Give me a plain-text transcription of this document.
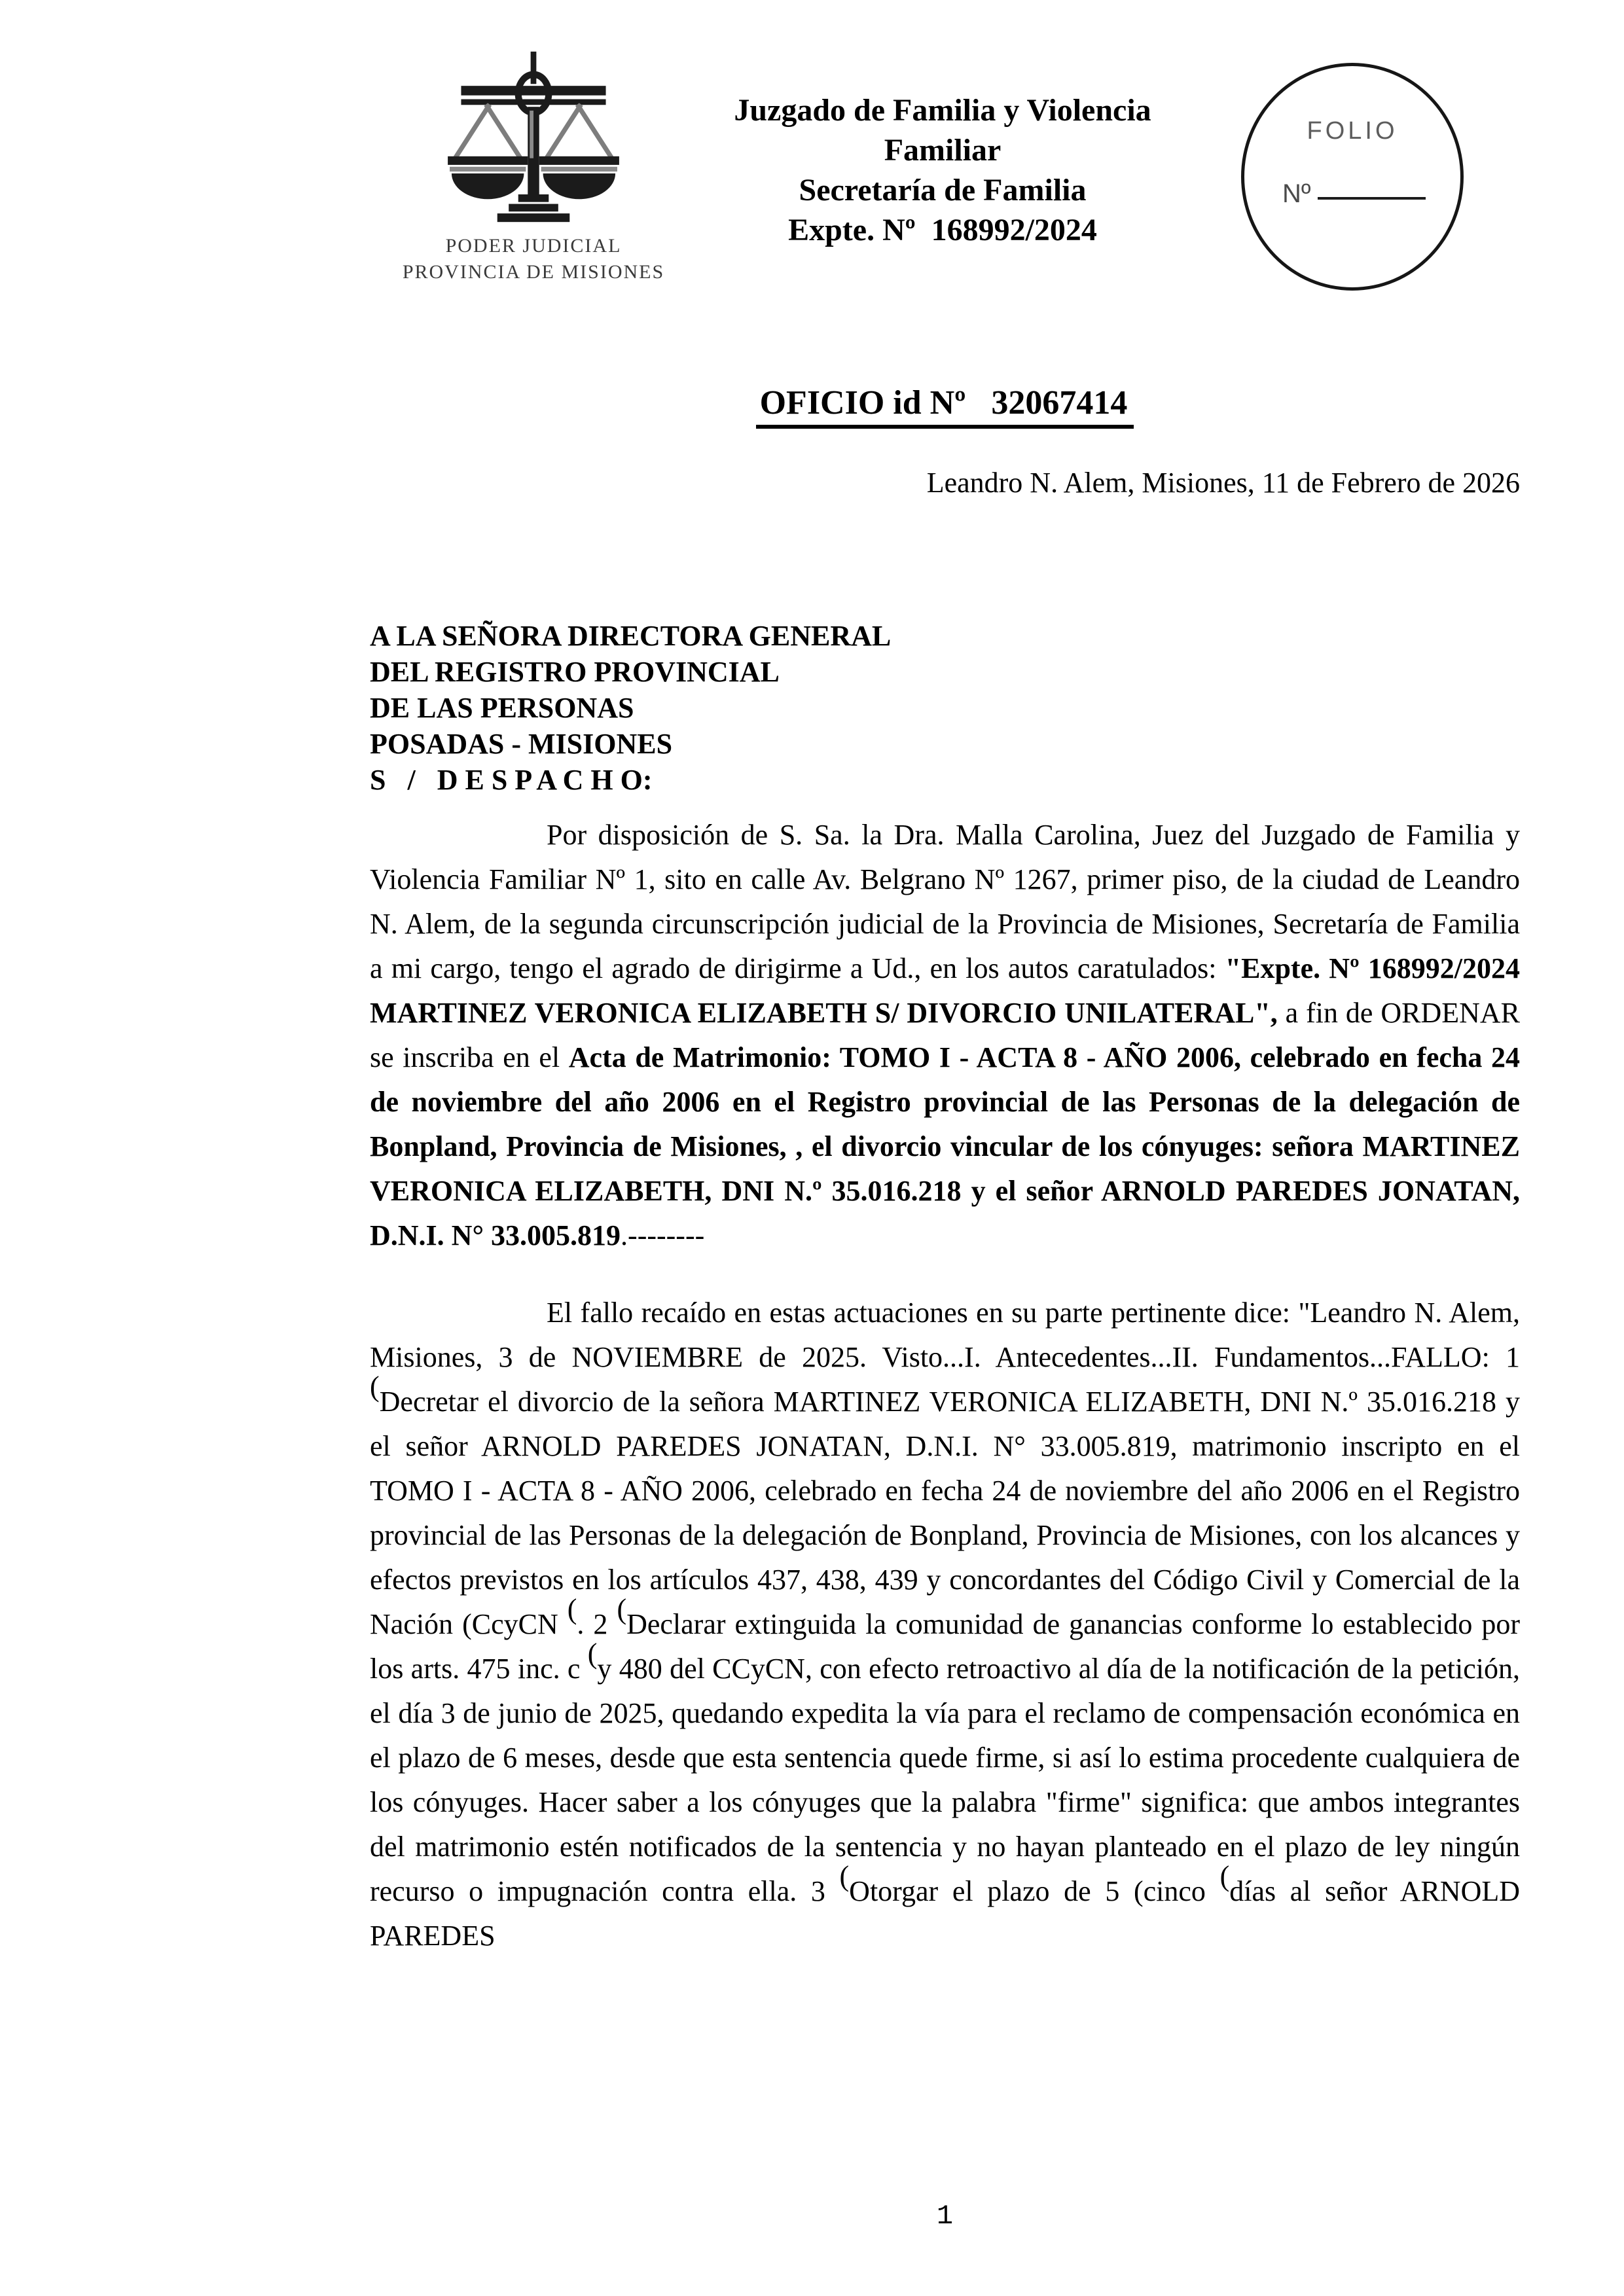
PODER JUDICIAL
PROVINCIA DE MISIONES
Juzgado de Familia y Violencia
Familiar
Secretaría de Familia
Expte. Nº  168992/2024
FOLIO
Nº
OFICIO id Nº   32067414
Leandro N. Alem, Misiones, 11 de Febrero de 2026
A LA SEÑORA DIRECTORA GENERAL
DEL REGISTRO PROVINCIAL
DE LAS PERSONAS
POSADAS - MISIONES
S   /   D E S P A C H O:

Por disposición de S. Sa. la Dra. Malla Carolina, Juez del Juzgado de Familia y Violencia Familiar Nº 1, sito en calle Av. Belgrano Nº 1267, primer piso, de la ciudad de Leandro N. Alem, de la segunda circunscripción judicial de la Provincia de Misiones, Secretaría de Familia a mi cargo, tengo el agrado de dirigirme a Ud., en los autos caratulados: "Expte. Nº 168992/2024 MARTINEZ VERONICA ELIZABETH S/ DIVORCIO UNILATERAL", a fin de ORDENAR se inscriba en el Acta de Matrimonio: TOMO I - ACTA 8 - AÑO 2006, celebrado en fecha 24 de noviembre del año 2006 en el Registro provincial de las Personas de la delegación de Bonpland, Provincia de Misiones, , el divorcio vincular de los cónyuges: señora MARTINEZ VERONICA ELIZABETH, DNI N.º 35.016.218 y el señor ARNOLD PAREDES JONATAN, D.N.I. N° 33.005.819.--------

El fallo recaído en estas actuaciones en su parte pertinente dice: "Leandro N. Alem, Misiones, 3 de NOVIEMBRE de 2025. Visto...I. Antecedentes...II. Fundamentos...FALLO: 1 (Decretar el divorcio de la señora MARTINEZ VERONICA ELIZABETH, DNI N.º 35.016.218 y el señor ARNOLD PAREDES JONATAN, D.N.I. N° 33.005.819, matrimonio inscripto en el TOMO I - ACTA 8 - AÑO 2006, celebrado en fecha 24 de noviembre del año 2006 en el Registro provincial de las Personas de la delegación de Bonpland, Provincia de Misiones, con los alcances y efectos previstos en los artículos 437, 438, 439 y concordantes del Código Civil y Comercial de la Nación (CcyCN (. 2 (Declarar extinguida la comunidad de ganancias conforme lo establecido por los arts. 475 inc. c (y 480 del CCyCN, con efecto retroactivo al día de la notificación de la petición, el día 3 de junio de 2025, quedando expedita la vía para el reclamo de compensación económica en el plazo de 6 meses, desde que esta sentencia quede firme, si así lo estima procedente cualquiera de los cónyuges. Hacer saber a los cónyuges que la palabra "firme" significa: que ambos integrantes del matrimonio estén notificados de la sentencia y no hayan planteado en el plazo de ley ningún recurso o impugnación contra ella. 3 (Otorgar el plazo de 5 (cinco (días al señor ARNOLD PAREDES

1
